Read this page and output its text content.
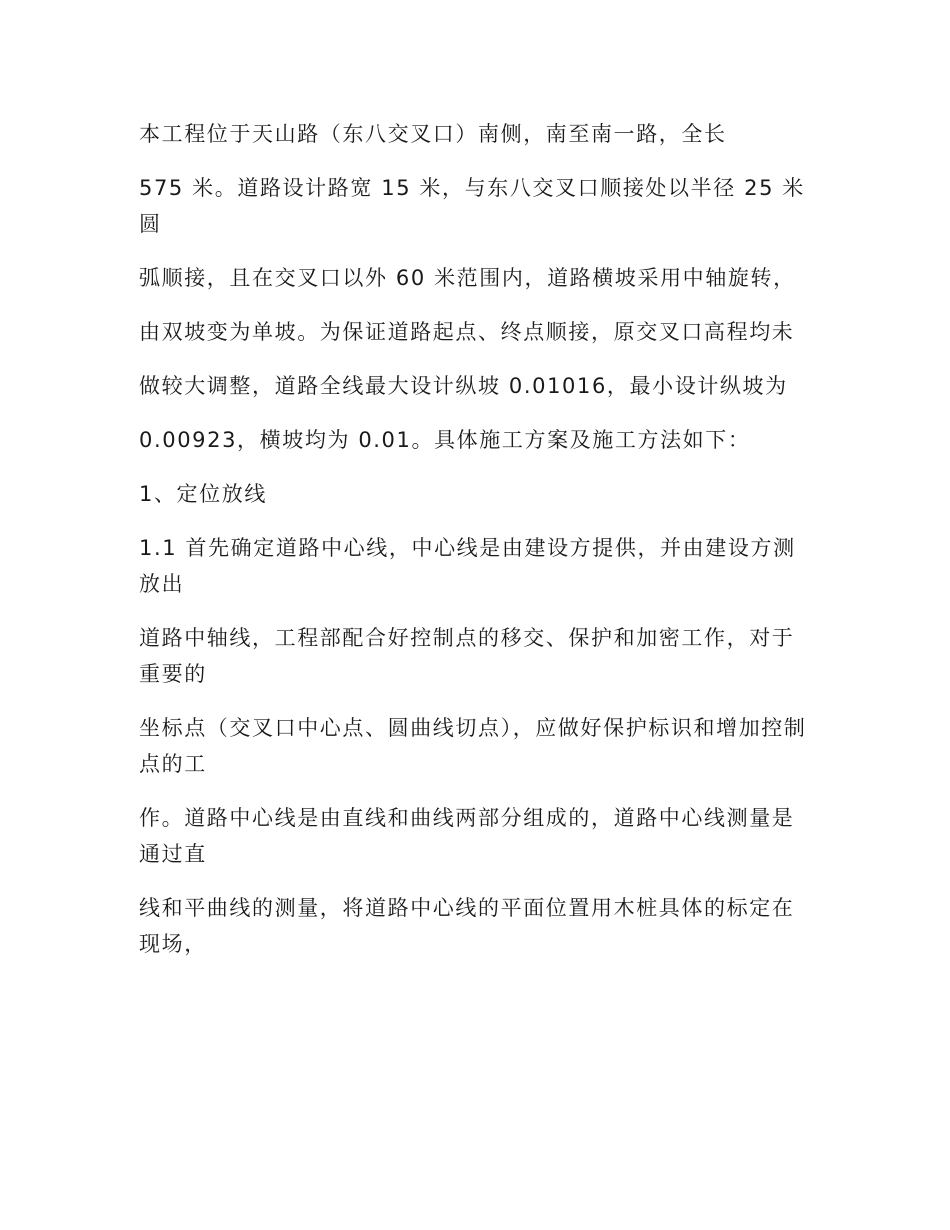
本工程位于天山路（东八交叉口）南侧，南至南一路，全长

575 米。道路设计路宽 15 米，与东八交叉口顺接处以半径 25 米圆

弧顺接，且在交叉口以外 60 米范围内，道路横坡采用中轴旋转，

由双坡变为单坡。为保证道路起点、终点顺接，原交叉口高程均未

做较大调整，道路全线最大设计纵坡 0.01016，最小设计纵坡为

0.00923，横坡均为 0.01。具体施工方案及施工方法如下：

1、定位放线

1.1 首先确定道路中心线，中心线是由建设方提供，并由建设方测放出

道路中轴线，工程部配合好控制点的移交、保护和加密工作，对于重要的

坐标点（交叉口中心点、圆曲线切点），应做好保护标识和增加控制点的工

作。道路中心线是由直线和曲线两部分组成的，道路中心线测量是通过直

线和平曲线的测量，将道路中心线的平面位置用木桩具体的标定在现场，
